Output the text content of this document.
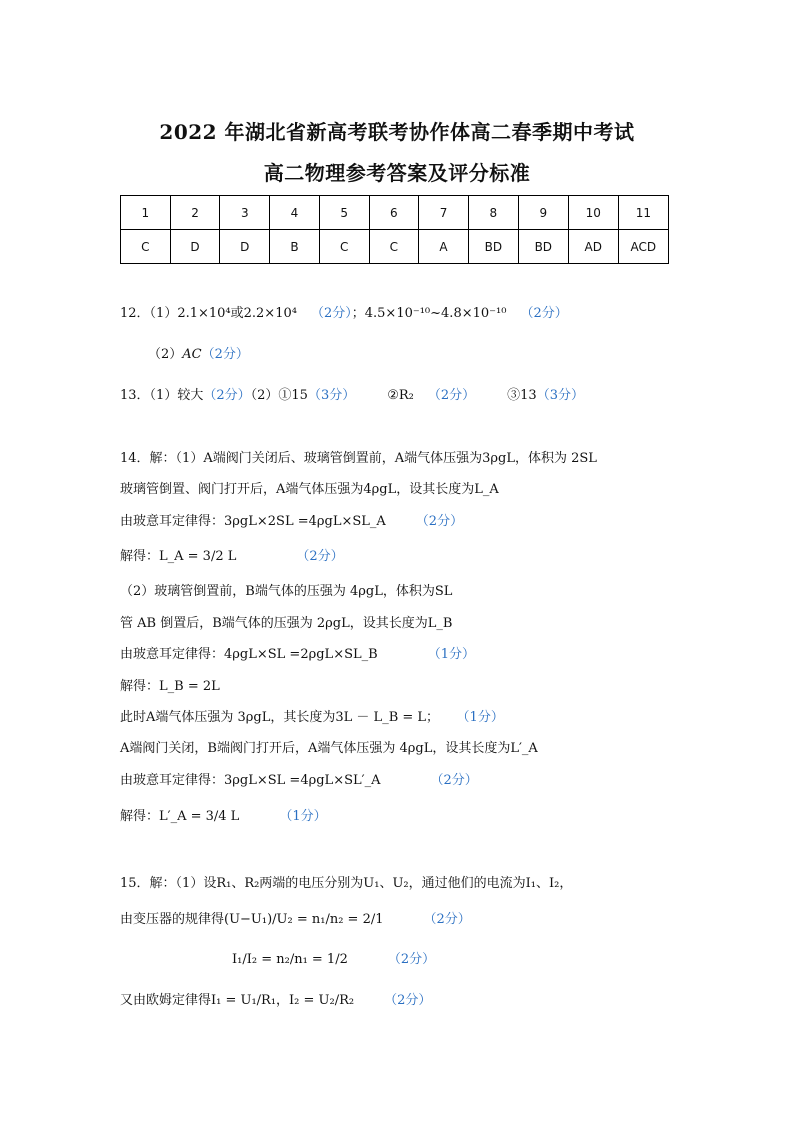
2022 年湖北省新高考联考协作体高二春季期中考试
高二物理参考答案及评分标准
1	2	3	4	5	6	7	8	9	10	11
C	D	D	B	C	C	A	BD	BD	AD	ACD
12．（1）2.1×10⁴或2.2×10⁴ （2分）；4.5×10⁻¹⁰~4.8×10⁻¹⁰ （2分）
（2）AC（2分）
13．（1）较大（2分）（2）①15（3分） ②R₂ （2分） ③13（3分）
14．解：（1）A端阀门关闭后、玻璃管倒置前，A端气体压强为3ρgL，体积为 2SL
玻璃管倒置、阀门打开后，A端气体压强为4ρgL，设其长度为L_A
由玻意耳定律得：3ρgL×2SL =4ρgL×SL_A （2分）
解得：L_A = 3/2 L	（2分）
（2）玻璃管倒置前，B端气体的压强为 4ρgL，体积为SL
管 AB 倒置后，B端气体的压强为 2ρgL，设其长度为L_B
由玻意耳定律得：4ρgL×SL =2ρgL×SL_B	（1分）
解得：L_B = 2L
此时A端气体压强为 3ρgL，其长度为3L － L_B = L； （1分）
A端阀门关闭，B端阀门打开后，A端气体压强为 4ρgL，设其长度为L′_A
由玻意耳定律得：3ρgL×SL =4ρgL×SL′_A	（2分）
解得：L′_A = 3/4 L	（1分）
15．解：（1）设R₁、R₂两端的电压分别为U₁、U₂，通过他们的电流为I₁、I₂，
由变压器的规律得(U−U₁)/U₂ = n₁/n₂ = 2/1	（2分）
I₁/I₂ = n₂/n₁ = 1/2	（2分）
又由欧姆定律得I₁ = U₁/R₁，I₂ = U₂/R₂ （2分）
